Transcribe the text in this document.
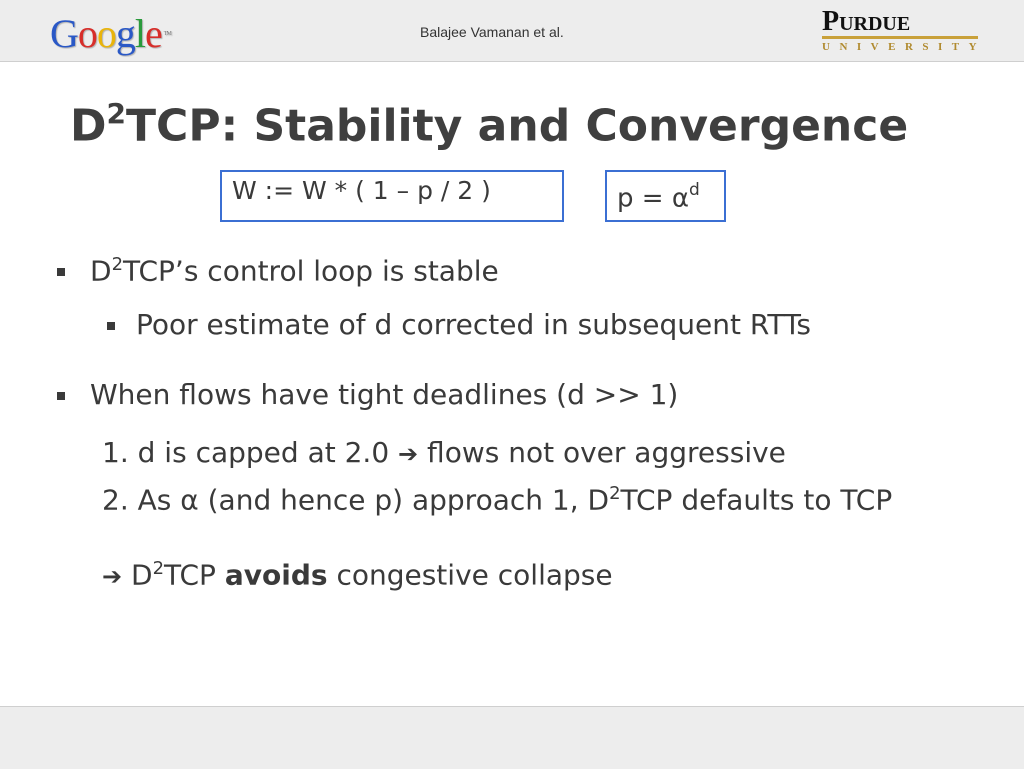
Google ™	Balajee Vamanan et al.	Purdue
UNIVERSITY
$D^2TCP$: Stability and Convergence
W := W * ( 1 – p / 2 )	$p = \alpha^d$
$D^2TCP’s$ control loop is stable
Poor estimate of d corrected in subsequent RTTs
When flows have tight deadlines (d >> 1)
1. d is capped at 2.0 ➔ flows not over aggressive
2. As α (and hence p) approach 1, $D^2TCP$ defaults to TCP
➔ $D^2TCP$ avoids congestive collapse
